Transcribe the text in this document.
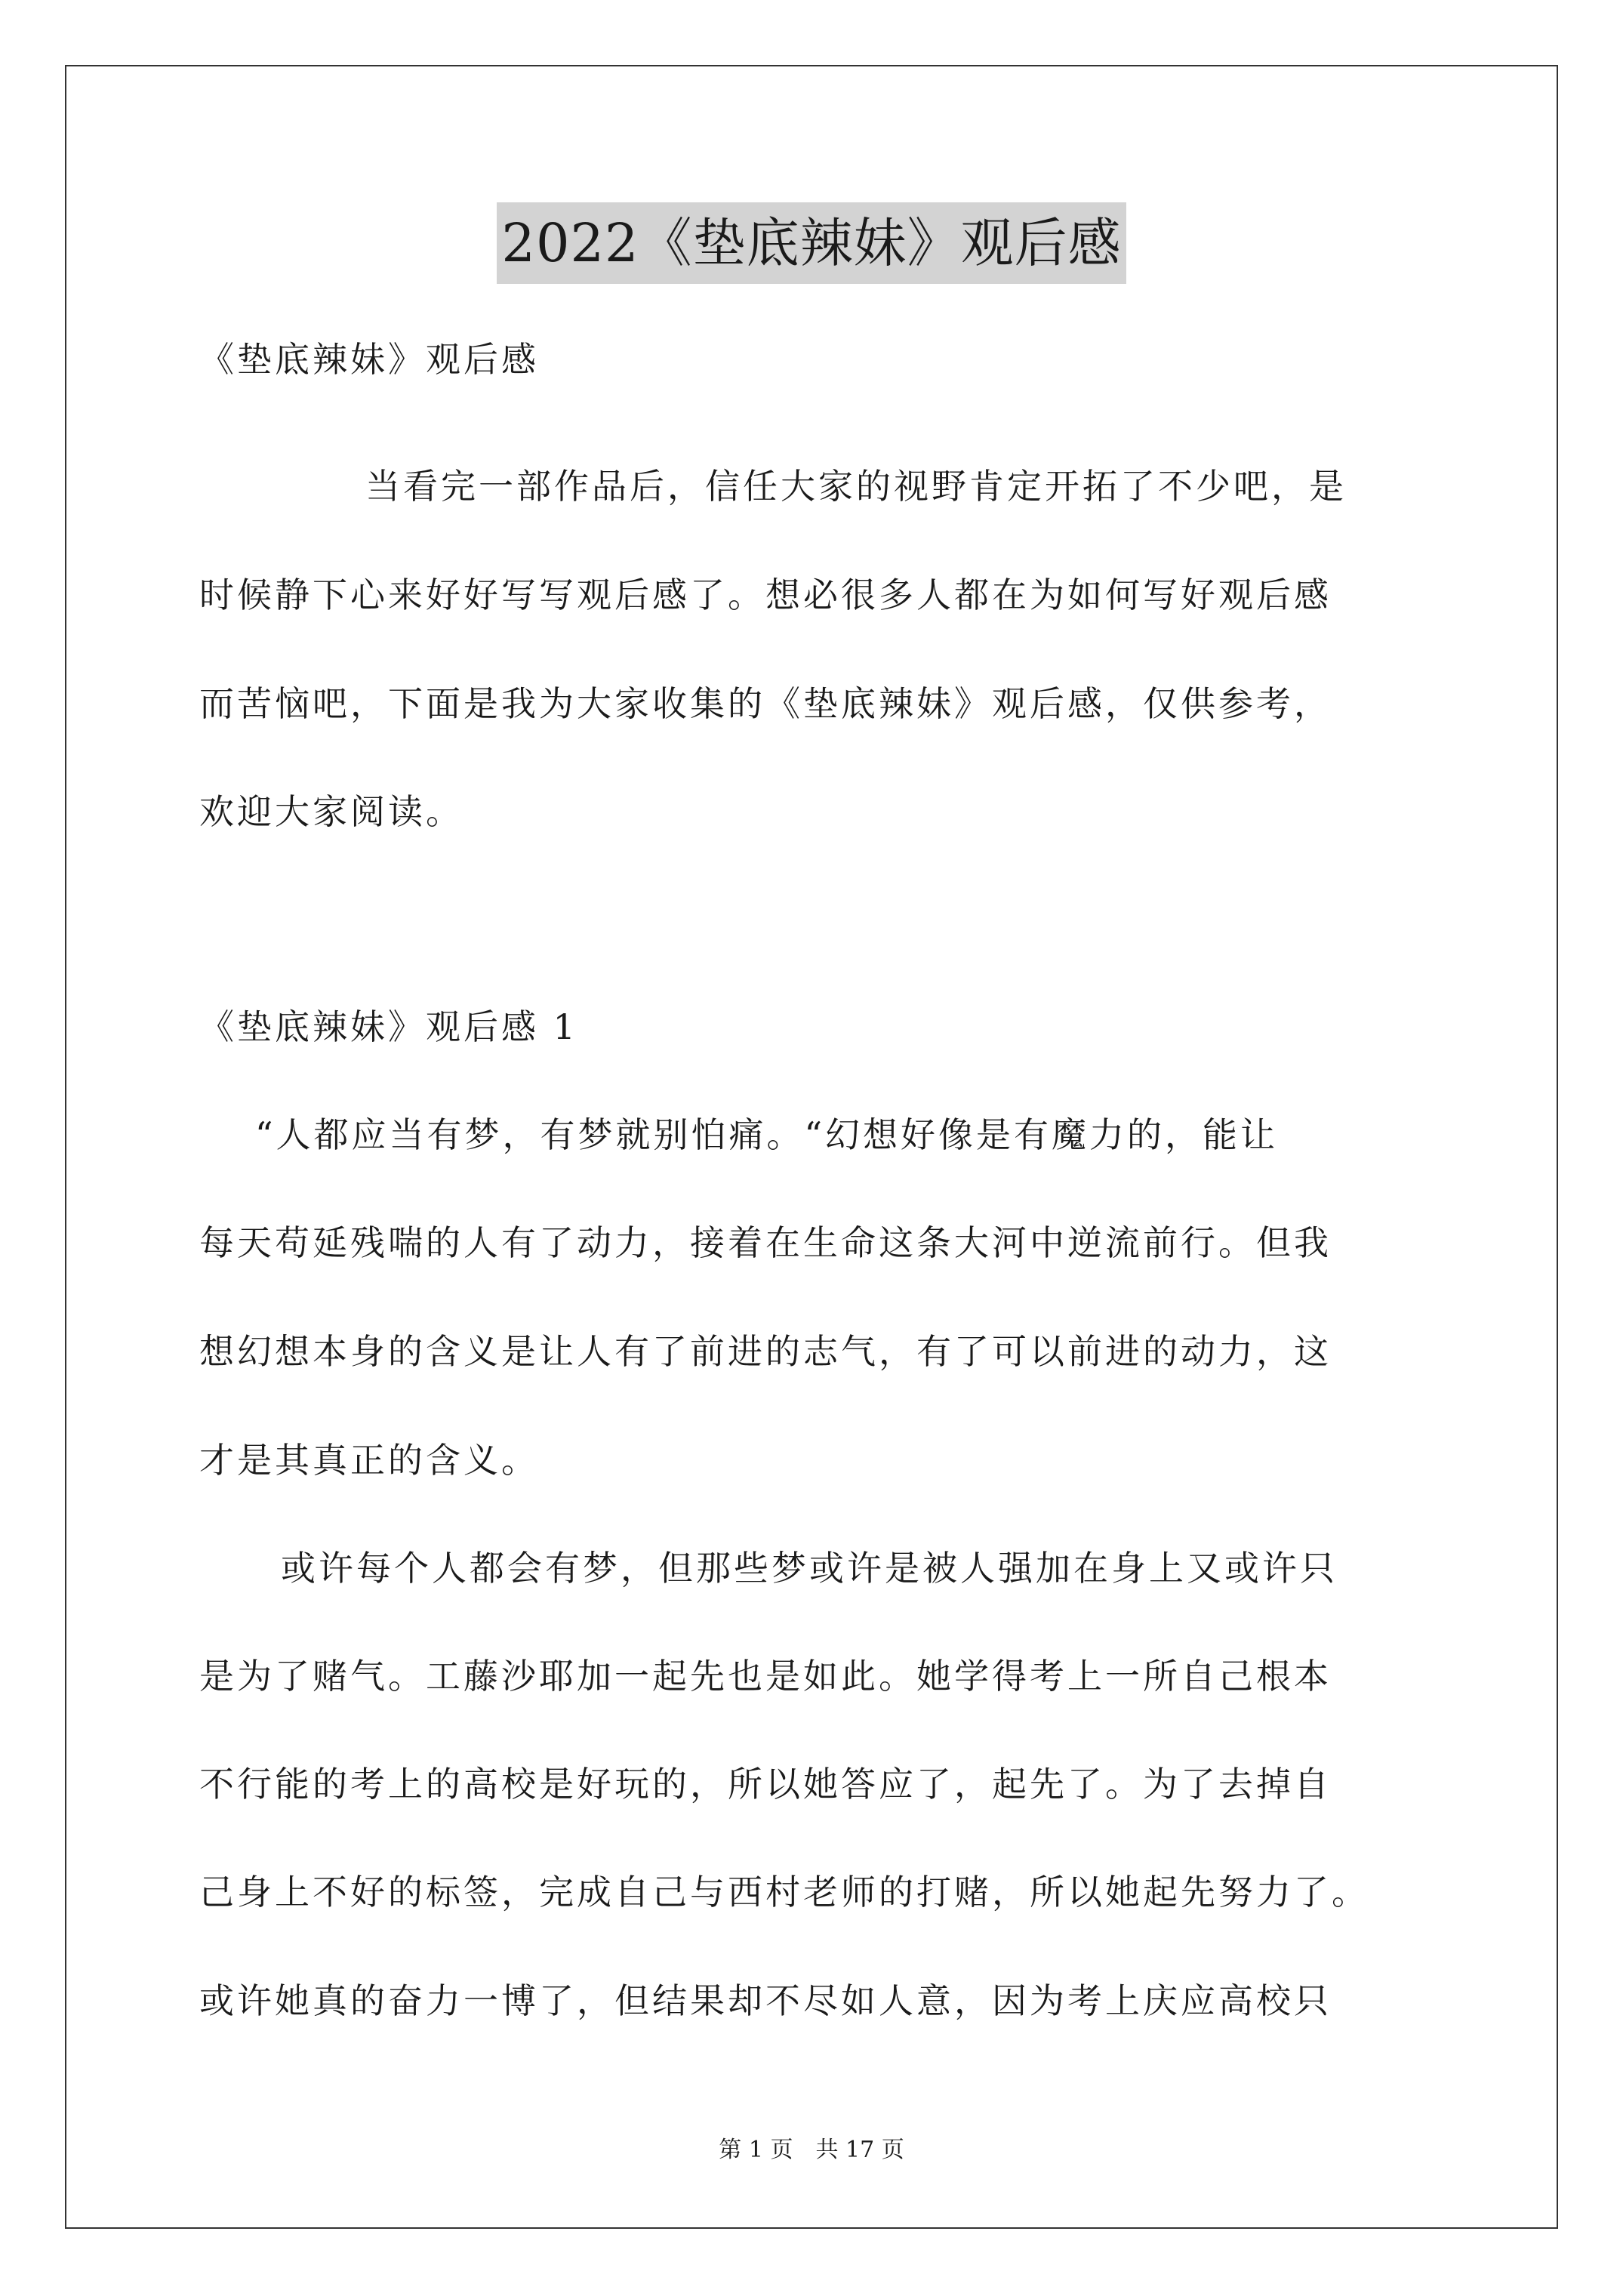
2022《垫底辣妹》观后感
《垫底辣妹》观后感
当看完一部作品后，信任大家的视野肯定开拓了不少吧，是
时候静下心来好好写写观后感了。想必很多人都在为如何写好观后感
而苦恼吧，下面是我为大家收集的《垫底辣妹》观后感，仅供参考，
欢迎大家阅读。
《垫底辣妹》观后感 1
“人都应当有梦，有梦就别怕痛。“幻想好像是有魔力的，能让
每天苟延残喘的人有了动力，接着在生命这条大河中逆流前行。但我
想幻想本身的含义是让人有了前进的志气，有了可以前进的动力，这
才是其真正的含义。
或许每个人都会有梦，但那些梦或许是被人强加在身上又或许只
是为了赌气。工藤沙耶加一起先也是如此。她学得考上一所自己根本
不行能的考上的高校是好玩的，所以她答应了，起先了。为了去掉自
己身上不好的标签，完成自己与西村老师的打赌，所以她起先努力了。
或许她真的奋力一博了，但结果却不尽如人意，因为考上庆应高校只
第 1 页　共 17 页
